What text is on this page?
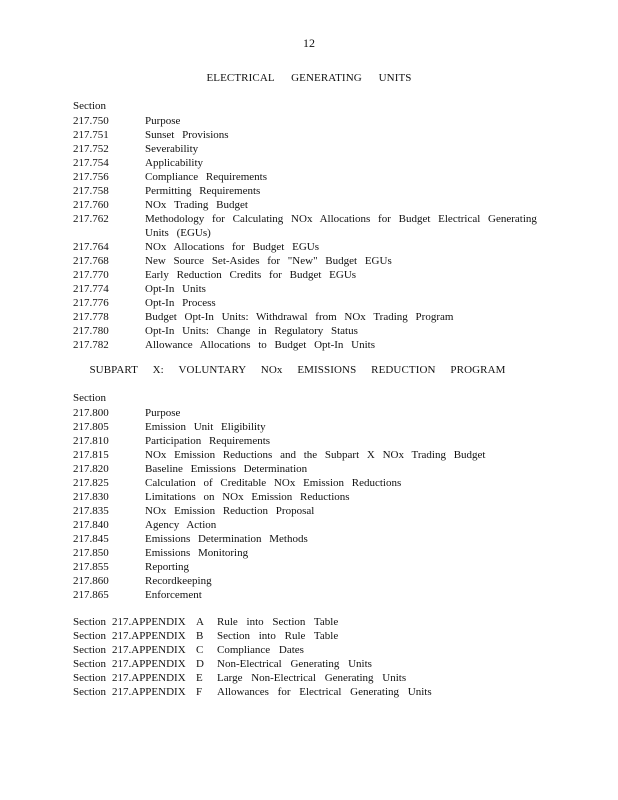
12
ELECTRICAL GENERATING UNITS
Section
217.750	Purpose
217.751	Sunset Provisions
217.752	Severability
217.754	Applicability
217.756	Compliance Requirements
217.758	Permitting Requirements
217.760	NOx Trading Budget
217.762	Methodology for Calculating NOx Allocations for Budget Electrical Generating Units (EGUs)
217.764	NOx Allocations for Budget EGUs
217.768	New Source Set-Asides for "New" Budget EGUs
217.770	Early Reduction Credits for Budget EGUs
217.774	Opt-In Units
217.776	Opt-In Process
217.778	Budget Opt-In Units: Withdrawal from NOx Trading Program
217.780	Opt-In Units: Change in Regulatory Status
217.782	Allowance Allocations to Budget Opt-In Units
SUBPART X: VOLUNTARY NOx EMISSIONS REDUCTION PROGRAM
Section
217.800	Purpose
217.805	Emission Unit Eligibility
217.810	Participation Requirements
217.815	NOx Emission Reductions and the Subpart X NOx Trading Budget
217.820	Baseline Emissions Determination
217.825	Calculation of Creditable NOx Emission Reductions
217.830	Limitations on NOx Emission Reductions
217.835	NOx Emission Reduction Proposal
217.840	Agency Action
217.845	Emissions Determination Methods
217.850	Emissions Monitoring
217.855	Reporting
217.860	Recordkeeping
217.865	Enforcement
Section 217.APPENDIX A	Rule into Section Table
Section 217.APPENDIX B	Section into Rule Table
Section 217.APPENDIX C	Compliance Dates
Section 217.APPENDIX D	Non-Electrical Generating Units
Section 217.APPENDIX E	Large Non-Electrical Generating Units
Section 217.APPENDIX F	Allowances for Electrical Generating Units
